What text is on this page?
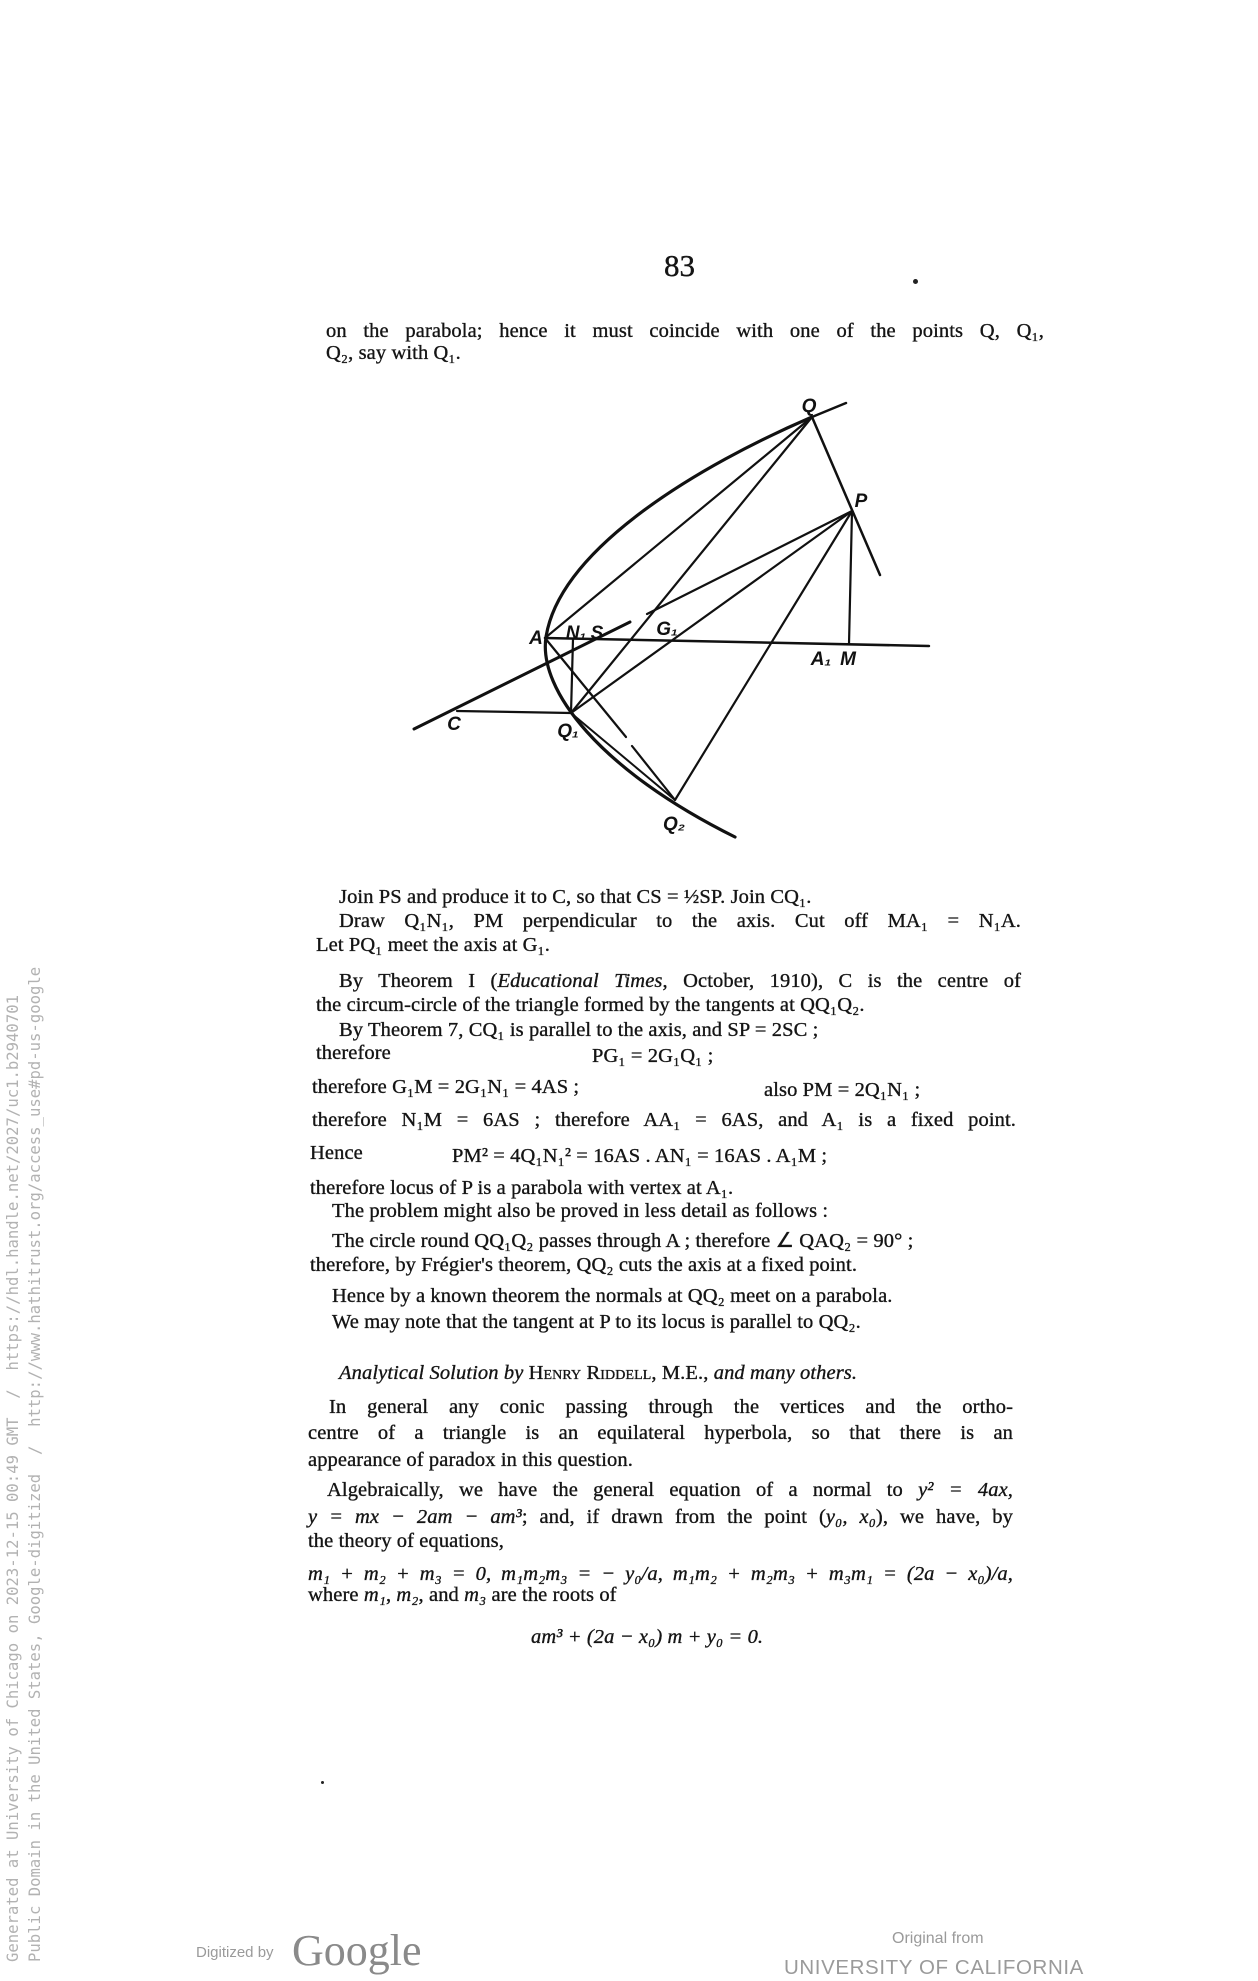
83
on the parabola; hence it must coincide with one of the points Q, Q₁,
Q₂, say with Q₁.
Q
P
A N₁ S	G₁
A₁ M
C	Q₁
Q₂
Join PS and produce it to C, so that CS = ½SP. Join CQ₁.
Draw Q₁N₁, PM perpendicular to the axis. Cut off MA₁ = N₁A.
Let PQ₁ meet the axis at G₁.
By Theorem I (Educational Times, October, 1910), C is the centre of
the circum-circle of the triangle formed by the tangents at QQ₁Q₂.
By Theorem 7, CQ₁ is parallel to the axis, and SP = 2SC ;
therefore	PG₁ = 2G₁Q₁ ;
therefore G₁M = 2G₁N₁ = 4AS ;	also PM = 2Q₁N₁ ;
therefore N₁M = 6AS ; therefore AA₁ = 6AS, and A₁ is a fixed point.
Hence	PM² = 4Q₁N₁² = 16AS . AN₁ = 16AS . A₁M ;
therefore locus of P is a parabola with vertex at A₁.
The problem might also be proved in less detail as follows :
The circle round QQ₁Q₂ passes through A ; therefore ∠ QAQ₂ = 90° ;
therefore, by Frégier's theorem, QQ₂ cuts the axis at a fixed point.
Hence by a known theorem the normals at QQ₂ meet on a parabola.
We may note that the tangent at P to its locus is parallel to QQ₂.
Analytical Solution by Henry Riddell, M.E., and many others.
In general any conic passing through the vertices and the ortho-
centre of a triangle is an equilateral hyperbola, so that there is an
appearance of paradox in this question.
Algebraically, we have the general equation of a normal to y² = 4ax,
y = mx − 2am − am³; and, if drawn from the point (y₀, x₀), we have, by
the theory of equations,
m₁ + m₂ + m₃ = 0, m₁m₂m₃ = − y₀/a, m₁m₂ + m₂m₃ + m₃m₁ = (2a − x₀)/a,
where m₁, m₂, and m₃ are the roots of
am³ + (2a − x₀) m + y₀ = 0.
Generated at University of Chicago on 2023-12-15 00:49 GMT  /  https://hdl.handle.net/2027/uc1.b2940701 Public Domain in the United States, Google-digitized  /  http://www.hathitrust.org/access_use#pd-us-google	Digitized by Google	Original from
UNIVERSITY OF CALIFORNIA
